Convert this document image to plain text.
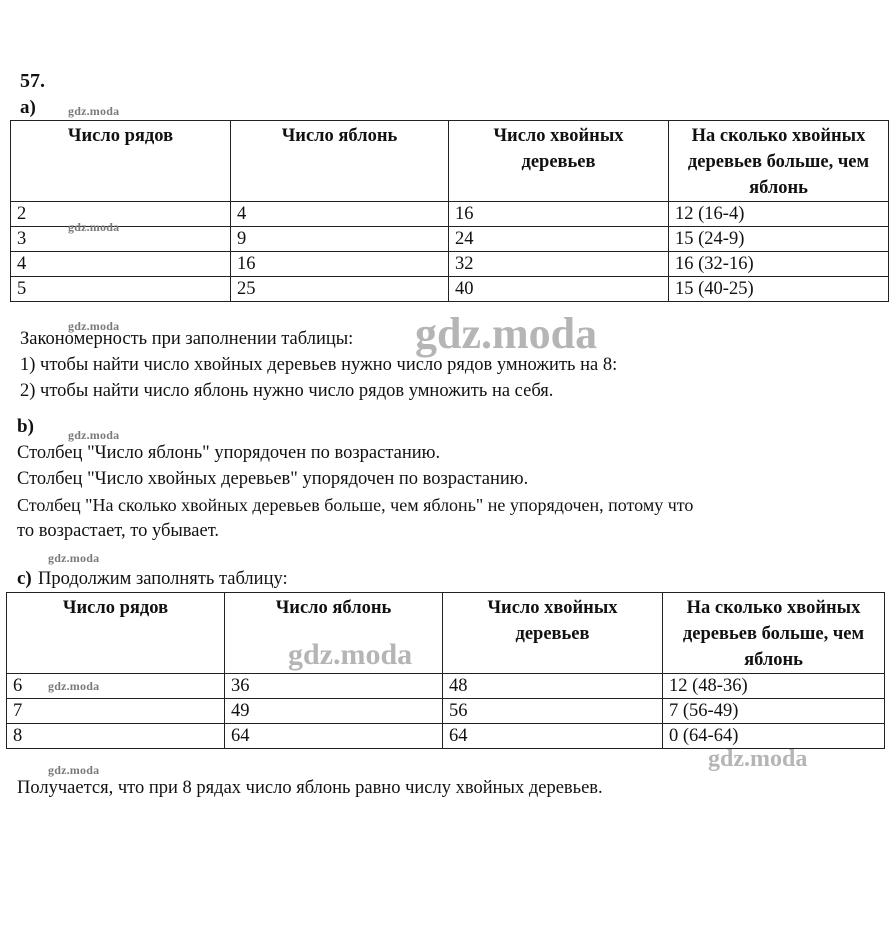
57.
a)
Число рядов	Число яблонь	Число хвойных деревьев	На сколько хвойных деревьев больше, чем яблонь
2	4	16	12 (16-4)
3	9	24	15 (24-9)
4	16	32	16 (32-16)
5	25	40	15 (40-25)
Закономерность при заполнении таблицы:
1) чтобы найти число хвойных деревьев нужно число рядов умножить на 8:
2) чтобы найти число яблонь нужно число рядов умножить на себя.
b)
Столбец "Число яблонь" упорядочен по возрастанию.
Столбец "Число хвойных деревьев" упорядочен по возрастанию.
Столбец "На сколько хвойных деревьев больше, чем яблонь" не упорядочен, потому что
то возрастает, то убывает.
c) Продолжим заполнять таблицу:
Число рядов	Число яблонь	Число хвойных деревьев	На сколько хвойных деревьев больше, чем яблонь
6	36	48	12 (48-36)
7	49	56	7 (56-49)
8	64	64	0 (64-64)
Получается, что при 8 рядах число яблонь равно числу хвойных деревьев.
gdz.moda
gdz.moda
gdz.moda
gdz.moda
gdz.moda
gdz.moda
gdz.moda
gdz.moda
gdz.moda
gdz.moda
